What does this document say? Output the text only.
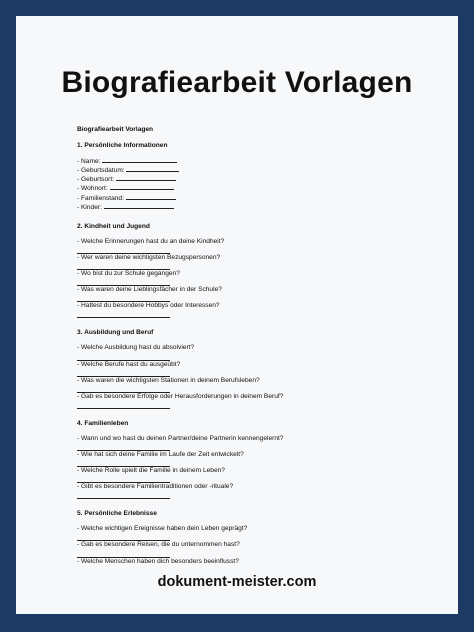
Biografiearbeit Vorlagen
Biografiearbeit Vorlagen
1. Persönliche Informationen
- Name:
- Geburtsdatum:
- Geburtsort:
- Wohnort:
- Familienstand:
- Kinder:
2. Kindheit und Jugend
- Welche Erinnerungen hast du an deine Kindheit?
- Wer waren deine wichtigsten Bezugspersonen?
- Wo bist du zur Schule gegangen?
- Was waren deine Lieblingsfächer in der Schule?
- Hattest du besondere Hobbys oder Interessen?
3. Ausbildung und Beruf
- Welche Ausbildung hast du absolviert?
- Welche Berufe hast du ausgeübt?
- Was waren die wichtigsten Stationen in deinem Berufsleben?
- Gab es besondere Erfolge oder Herausforderungen in deinem Beruf?
4. Familienleben
- Wann und wo hast du deinen Partner/deine Partnerin kennengelernt?
- Wie hat sich deine Familie im Laufe der Zeit entwickelt?
- Welche Rolle spielt die Familie in deinem Leben?
- Gibt es besondere Familientraditionen oder -rituale?
5. Persönliche Erlebnisse
- Welche wichtigen Ereignisse haben dein Leben geprägt?
- Gab es besondere Reisen, die du unternommen hast?
- Welche Menschen haben dich besonders beeinflusst?
dokument-meister.com
